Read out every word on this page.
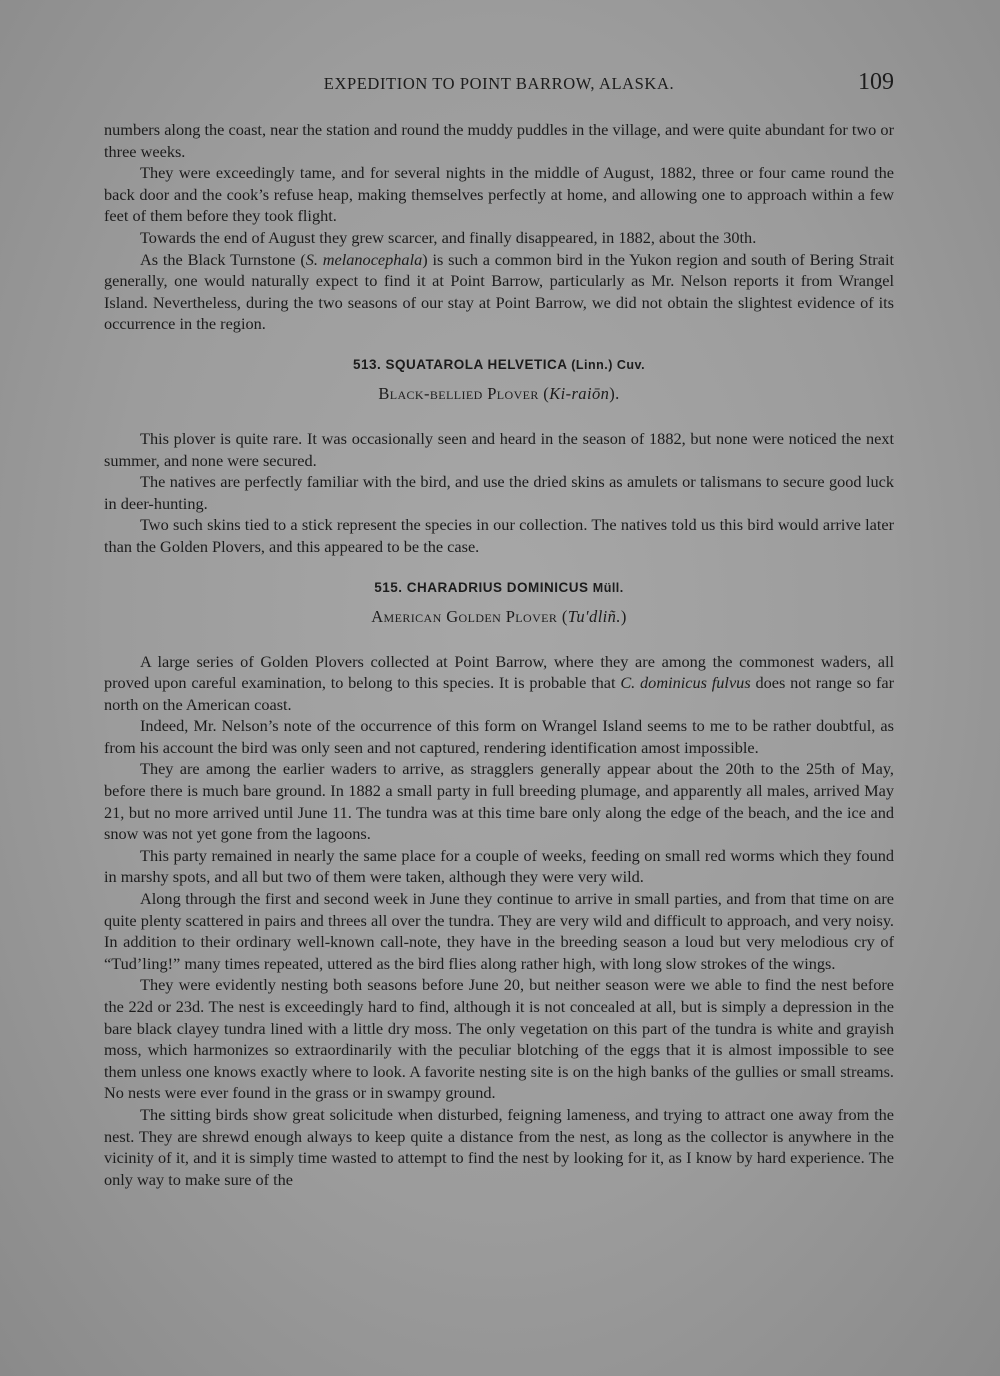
EXPEDITION TO POINT BARROW, ALASKA.	109

numbers along the coast, near the station and round the muddy puddles in the village, and were quite abundant for two or three weeks.

They were exceedingly tame, and for several nights in the middle of August, 1882, three or four came round the back door and the cook’s refuse heap, making themselves perfectly at home, and allowing one to approach within a few feet of them before they took flight.

Towards the end of August they grew scarcer, and finally disappeared, in 1882, about the 30th.

As the Black Turnstone (S. melanocephala) is such a common bird in the Yukon region and south of Bering Strait generally, one would naturally expect to find it at Point Barrow, particularly as Mr. Nelson reports it from Wrangel Island. Nevertheless, during the two seasons of our stay at Point Barrow, we did not obtain the slightest evidence of its occurrence in the region.

513. SQUATAROLA HELVETICA (Linn.) Cuv.
Black-bellied Plover (Ki-raiōn).

This plover is quite rare. It was occasionally seen and heard in the season of 1882, but none were noticed the next summer, and none were secured.

The natives are perfectly familiar with the bird, and use the dried skins as amulets or talismans to secure good luck in deer-hunting.

Two such skins tied to a stick represent the species in our collection. The natives told us this bird would arrive later than the Golden Plovers, and this appeared to be the case.

515. CHARADRIUS DOMINICUS Müll.
American Golden Plover (Tu′dliñ.)

A large series of Golden Plovers collected at Point Barrow, where they are among the commonest waders, all proved upon careful examination, to belong to this species. It is probable that C. dominicus fulvus does not range so far north on the American coast.

Indeed, Mr. Nelson’s note of the occurrence of this form on Wrangel Island seems to me to be rather doubtful, as from his account the bird was only seen and not captured, rendering identification amost impossible.

They are among the earlier waders to arrive, as stragglers generally appear about the 20th to the 25th of May, before there is much bare ground. In 1882 a small party in full breeding plumage, and apparently all males, arrived May 21, but no more arrived until June 11. The tundra was at this time bare only along the edge of the beach, and the ice and snow was not yet gone from the lagoons.

This party remained in nearly the same place for a couple of weeks, feeding on small red worms which they found in marshy spots, and all but two of them were taken, although they were very wild.

Along through the first and second week in June they continue to arrive in small parties, and from that time on are quite plenty scattered in pairs and threes all over the tundra. They are very wild and difficult to approach, and very noisy. In addition to their ordinary well-known call-note, they have in the breeding season a loud but very melodious cry of “Tud’ling!” many times repeated, uttered as the bird flies along rather high, with long slow strokes of the wings.

They were evidently nesting both seasons before June 20, but neither season were we able to find the nest before the 22d or 23d. The nest is exceedingly hard to find, although it is not concealed at all, but is simply a depression in the bare black clayey tundra lined with a little dry moss. The only vegetation on this part of the tundra is white and grayish moss, which harmonizes so extraordinarily with the peculiar blotching of the eggs that it is almost impossible to see them unless one knows exactly where to look. A favorite nesting site is on the high banks of the gullies or small streams. No nests were ever found in the grass or in swampy ground.

The sitting birds show great solicitude when disturbed, feigning lameness, and trying to attract one away from the nest. They are shrewd enough always to keep quite a distance from the nest, as long as the collector is anywhere in the vicinity of it, and it is simply time wasted to attempt to find the nest by looking for it, as I know by hard experience. The only way to make sure of the
